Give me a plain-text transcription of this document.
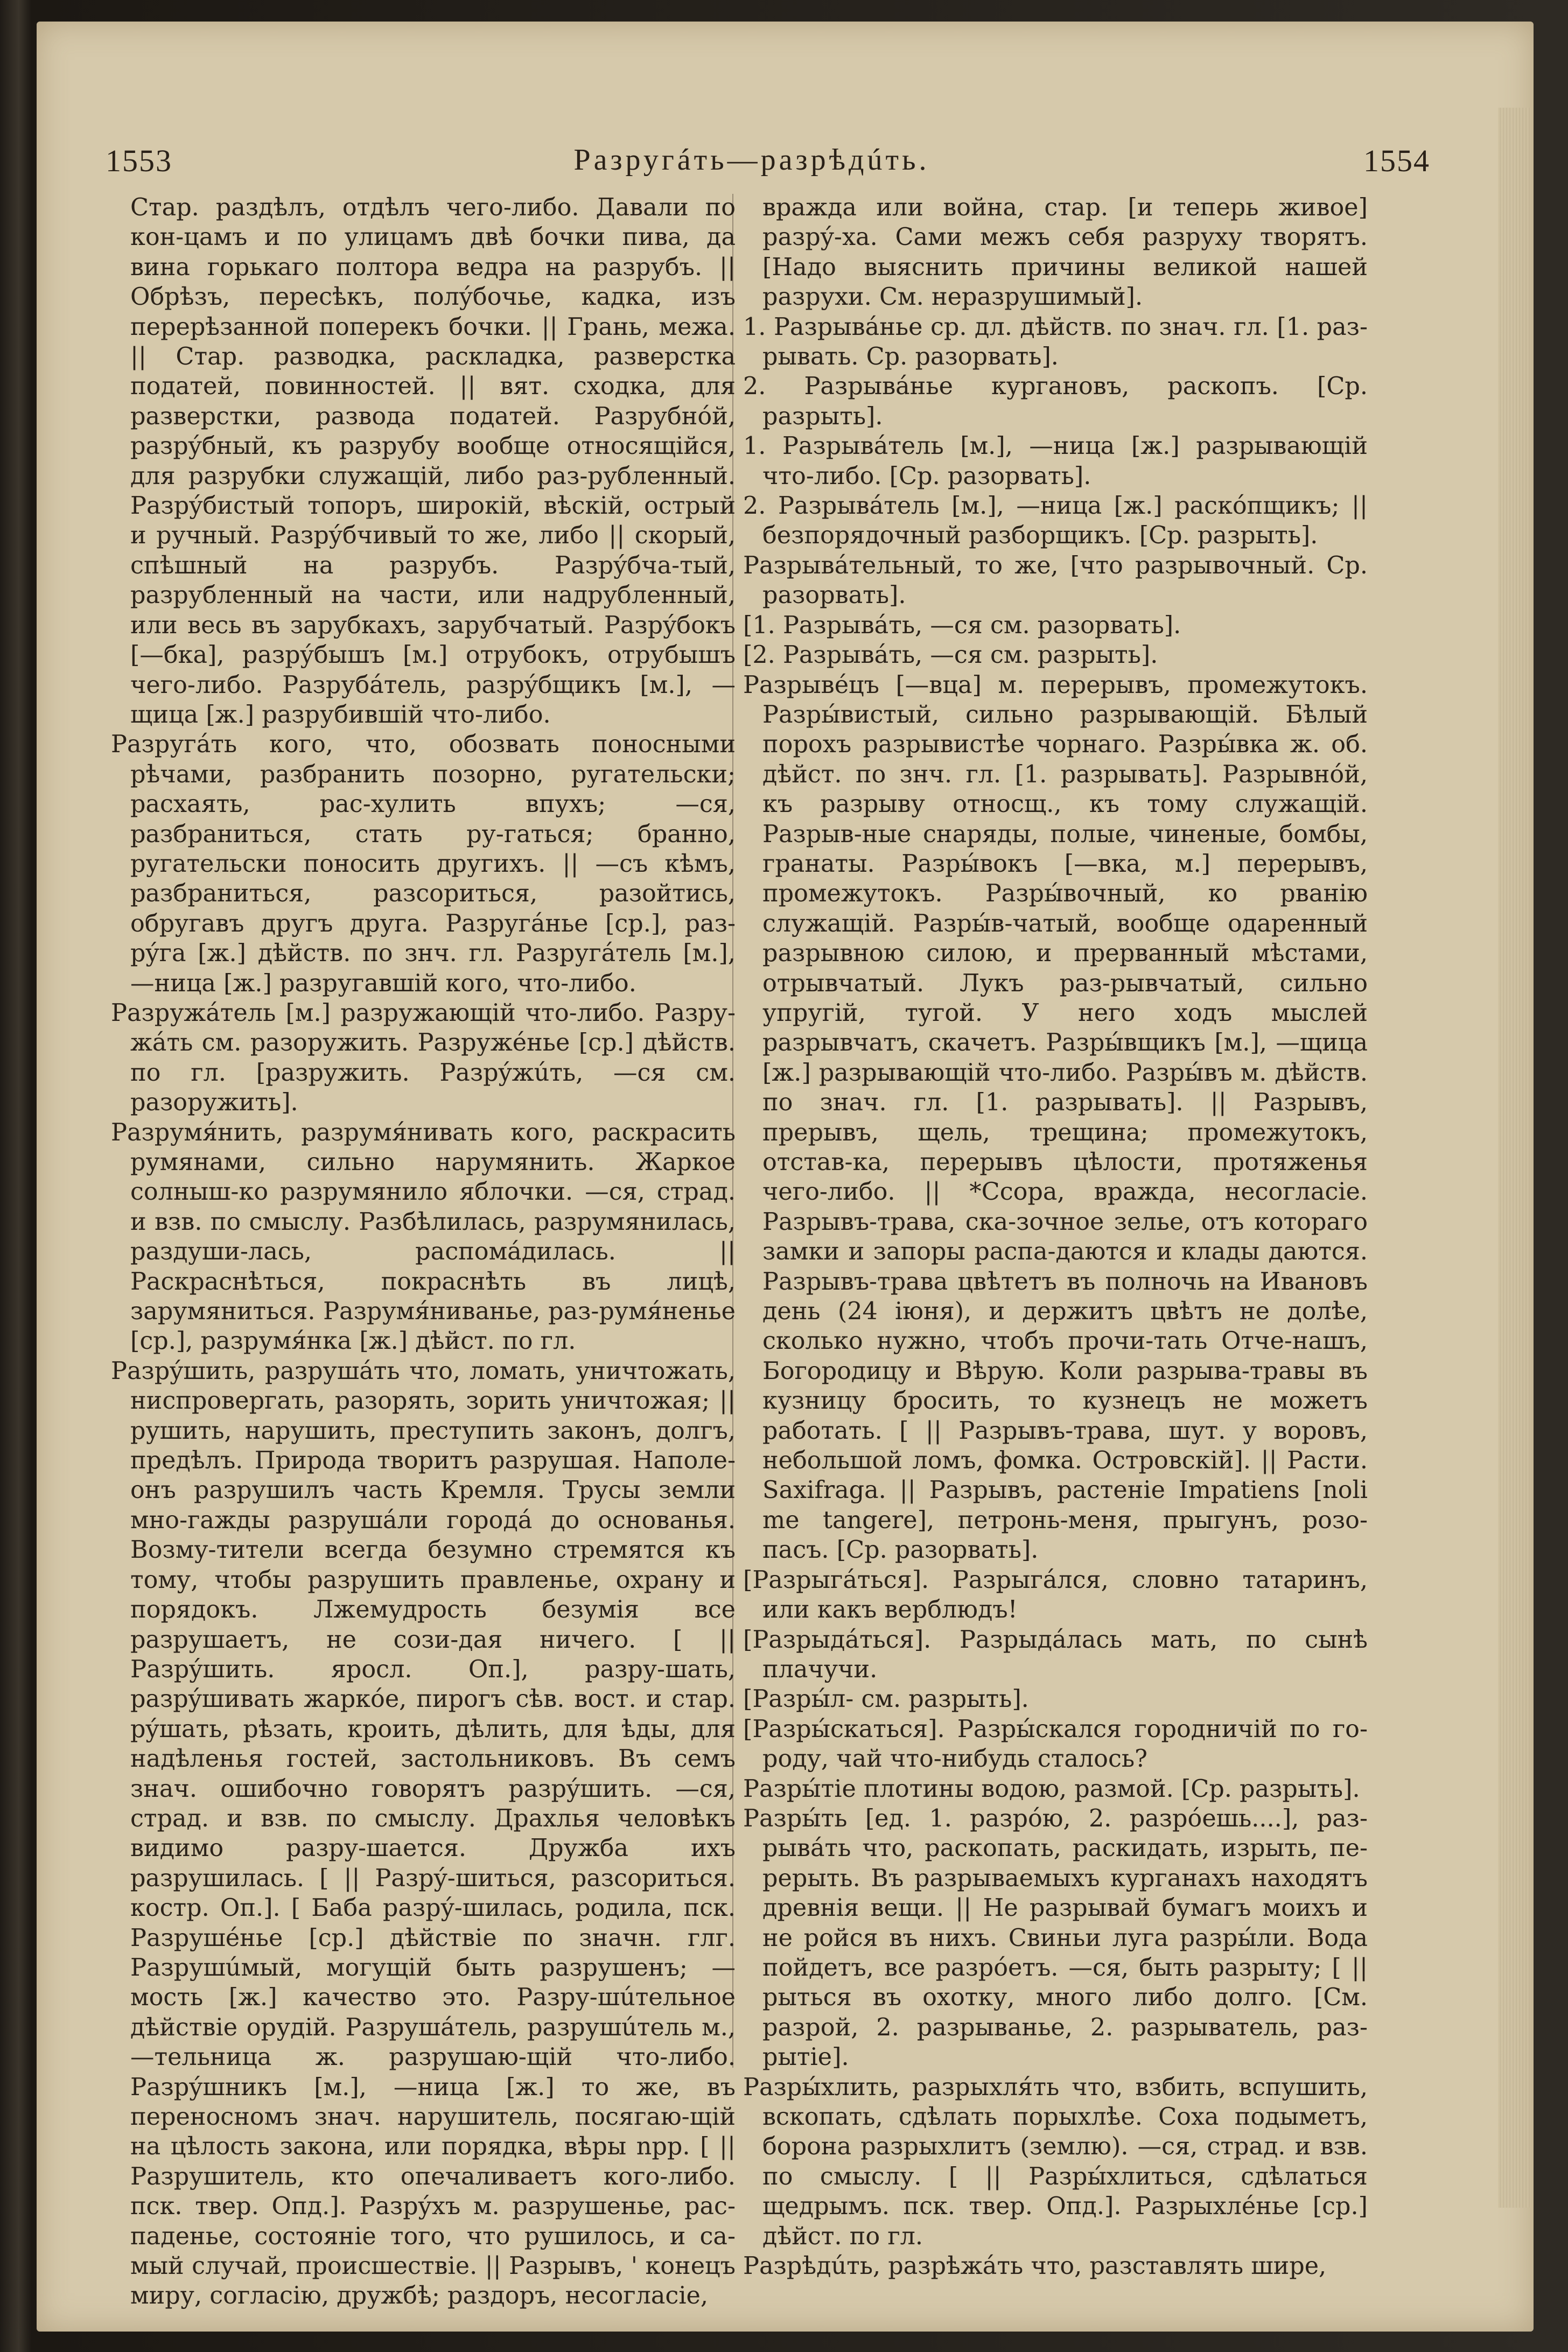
1553	Разругáть—разрѣдúть.	1554

Стар. раздѣлъ, отдѣлъ чего-либо. Давали по кон-цамъ и по улицамъ двѣ бочки пива, да вина горькаго полтора ведра на разрубъ. || Обрѣзъ, пересѣкъ, полýбочье, кадка, изъ перерѣзанной поперекъ бочки. || Грань, межа. || Стар. разводка, раскладка, разверстка податей, повинностей. || вят. сходка, для разверстки, развода податей. Разрубнóй, разрýбный, къ разрубу вообще относящійся, для разрубки служащій, либо раз-рубленный. Разрýбистый топоръ, широкій, вѣскій, острый и ручный. Разрýбчивый то же, либо || скорый, спѣшный на разрубъ. Разрýбча-тый, разрубленный на части, или надрубленный, или весь въ зарубкахъ, зарубчатый. Разрýбокъ [—бка], разрýбышъ [м.] отрубокъ, отрубышъ чего-либо. Разрубáтель, разрýбщикъ [м.], —щица [ж.] разрубившій что-либо.

Разругáть кого, что, обозвать поносными рѣчами, разбранить позорно, ругательски; расхаять, рас-хулить впухъ; —ся, разбраниться, стать ру-гаться; бранно, ругательски поносить другихъ. || —съ кѣмъ, разбраниться, разсориться, разойтись, обругавъ другъ друга. Разругáнье [ср.], раз-рýга [ж.] дѣйств. по знч. гл. Разругáтель [м.], —ница [ж.] разругавшій кого, что-либо.

Разружáтель [м.] разружающій что-либо. Разру-жáть см. разоружить. Разружéнье [ср.] дѣйств. по гл. [разружить. Разрýжúть, —ся см. разоружить].

Разрумя́нить, разрумя́нивать кого, раскрасить румянами, сильно нарумянить. Жаркое солныш-ко разрумянило яблочки. —ся, страд. и взв. по смыслу. Разбѣлилась, разрумянилась, раздуши-лась, распомáдилась. || Раскраснѣться, покраснѣть въ лицѣ, зарумяниться. Разрумя́ниванье, раз-румя́ненье [ср.], разрумя́нка [ж.] дѣйст. по гл.

Разрýшить, разрушáть что, ломать, уничтожать, ниспровергать, разорять, зорить уничтожая; || рушить, нарушить, преступить законъ, долгъ, предѣлъ. Природа творитъ разрушая. Наполе-онъ разрушилъ часть Кремля. Трусы земли мно-гажды разрушáли городá до основанья. Возму-тители всегда безумно стремятся къ тому, чтобы разрушить правленье, охрану и порядокъ. Лжемудрость безумія все разрушаетъ, не сози-дая ничего. [ || Разрýшить. яросл. Оп.], разру-шать, разрýшивать жаркóе, пирогъ сѣв. вост. и стар. рýшать, рѣзать, кроить, дѣлить, для ѣды, для надѣленья гостей, застольниковъ. Въ семъ знач. ошибочно говорятъ разрýшить. —ся, страд. и взв. по смыслу. Драхлья человѣкъ видимо разру-шается. Дружба ихъ разрушилась. [ || Разрý-шиться, разсориться. костр. Оп.]. [ Баба разрý-шилась, родила, пск. Разрушéнье [ср.] дѣйствіе по значн. глг. Разрушúмый, могущій быть разрушенъ; —мость [ж.] качество это. Разру-шúтельное дѣйствіе орудій. Разрушáтель, разрушúтель м., —тельница ж. разрушаю-щій что-либо. Разрýшникъ [м.], —ница [ж.] то же, въ переносномъ знач. нарушитель, посягаю-щій на цѣлость закона, или порядка, вѣры npр. [ || Разрушитель, кто опечаливаетъ кого-либо. пск. твер. Опд.]. Разрýхъ м. разрушенье, рас-паденье, состояніе того, что рушилось, и са-мый случай, происшествіе. || Разрывъ, ' конецъ миру, согласію, дружбѣ; раздоръ, несогласіе,

вражда или война, стар. [и теперь живое] разрý-ха. Сами межъ себя разруху творятъ. [Надо выяснить причины великой нашей разрухи. См. неразрушимый].

1. Разрывáнье ср. дл. дѣйств. по знач. гл. [1. раз-рывать. Ср. разорвать].

2. Разрывáнье кургановъ, раскопъ. [Ср. разрыть].

1. Разрывáтель [м.], —ница [ж.] разрывающій что-либо. [Ср. разорвать].

2. Разрывáтель [м.], —ница [ж.] раскóпщикъ; || безпорядочный разборщикъ. [Ср. разрыть].

Разрывáтельный, то же, [что разрывочный. Ср. разорвать].

[1. Разрывáть, —ся см. разорвать].

[2. Разрывáть, —ся см. разрыть].

Разрывéцъ [—вца] м. перерывъ, промежутокъ. Разры́вистый, сильно разрывающій. Бѣлый порохъ разрывистѣе чорнаго. Разры́вка ж. об. дѣйст. по знч. гл. [1. разрывать]. Разрывнóй, къ разрыву относщ., къ тому служащій. Разрыв-ные снаряды, полые, чиненые, бомбы, гранаты. Разры́вокъ [—вка, м.] перерывъ, промежутокъ. Разры́вочный, ко рванію служащій. Разры́в-чатый, вообще одаренный разрывною силою, и прерванный мѣстами, отрывчатый. Лукъ раз-рывчатый, сильно упругій, тугой. У него ходъ мыслей разрывчатъ, скачетъ. Разры́вщикъ [м.], —щица [ж.] разрывающій что-либо. Разры́въ м. дѣйств. по знач. гл. [1. разрывать]. || Разрывъ, прерывъ, щель, трещина; промежутокъ, отстав-ка, перерывъ цѣлости, протяженья чего-либо. || *Ссора, вражда, несогласіе. Разрывъ-трава, ска-зочное зелье, отъ котораго замки и запоры распа-даются и клады даются. Разрывъ-трава цвѣтетъ въ полночь на Ивановъ день (24 іюня), и держитъ цвѣтъ не долѣе, сколько нужно, чтобъ прочи-тать Отче-нашъ, Богородицу и Вѣрую. Коли разрыва-травы въ кузницу бросить, то кузнецъ не можетъ работать. [ || Разрывъ-трава, шут. у воровъ, небольшой ломъ, фомка. Островскій]. || Расти. Saxifraga. || Разрывъ, растеніе Impatiens [noli me tangere], петронь-меня, прыгунъ, розо-пасъ. [Ср. разорвать].

[Разрыгáться]. Разрыгáлся, словно татаринъ, или какъ верблюдъ!

[Разрыдáться]. Разрыдáлась мать, по сынѣ плачучи.

[Разры́л- см. разрыть].

[Разры́скаться]. Разры́скался городничій по го-роду, чай что-нибудь сталось?

Разры́тіе плотины водою, размой. [Ср. разрыть].

Разры́ть [ед. 1. разрóю, 2. разрóешь....], раз-рывáть что, раскопать, раскидать, изрыть, пе-рерыть. Въ разрываемыхъ курганахъ находятъ древнія вещи. || Не разрывай бумагъ моихъ и не ройся въ нихъ. Свиньи луга разры́ли. Вода пойдетъ, все разрóетъ. —ся, быть разрыту; [ || рыться въ охотку, много либо долго. [См. разрой, 2. разрыванье, 2. разрыватель, раз-рытіе].

Разры́хлить, разрыхля́ть что, взбить, вспушить, вскопать, сдѣлать порыхлѣе. Соха подыметъ, борона разрыхлитъ (землю). —ся, страд. и взв. по смыслу. [ || Разры́хлиться, сдѣлаться щедрымъ. пск. твер. Опд.]. Разрыхлéнье [ср.] дѣйст. по гл.

Разрѣдúть, разрѣжáть что, разставлять шире,
